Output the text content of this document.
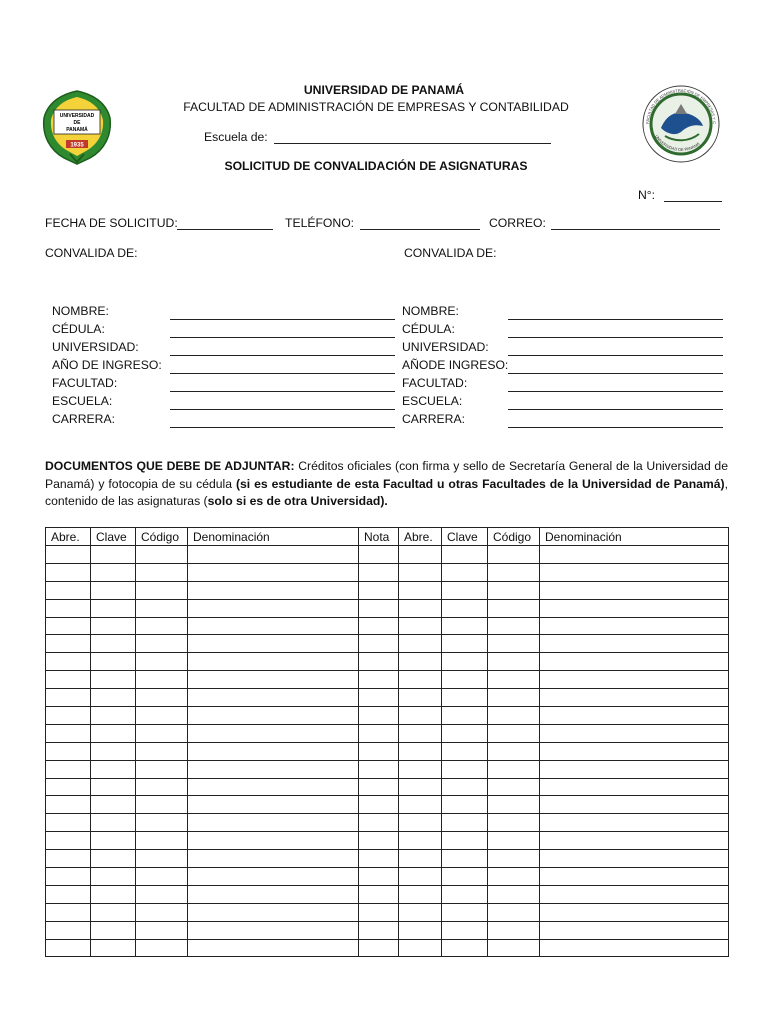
UNIVERSIDAD
DE
PANAMÁ
1935
FACULTAD DE ADMINISTRACIÓN DE EMPRESAS Y C
UNIVERSIDAD DE PANAMÁ
UNIVERSIDAD DE PANAMÁ
FACULTAD DE ADMINISTRACIÓN DE EMPRESAS Y CONTABILIDAD
Escuela de:
SOLICITUD DE CONVALIDACIÓN DE ASIGNATURAS
N°:
FECHA DE SOLICITUD:	TELÉFONO:	CORREO:
CONVALIDA DE:	CONVALIDA DE:
NOMBRE:
CÉDULA:
UNIVERSIDAD:
AÑO DE INGRESO:
FACULTAD:
ESCUELA:
CARRERA:
NOMBRE:
CÉDULA:
UNIVERSIDAD:
AÑODE INGRESO:
FACULTAD:
ESCUELA:
CARRERA:
DOCUMENTOS QUE DEBE DE ADJUNTAR: Créditos oficiales (con firma y sello de Secretaría General de la Universidad de Panamá) y fotocopia de su cédula (si es estudiante de esta Facultad u otras Facultades de la Universidad de Panamá), contenido de las asignaturas (solo si es de otra Universidad).
Abre.	Clave	Código	Denominación	Nota	Abre.	Clave	Código	Denominación
